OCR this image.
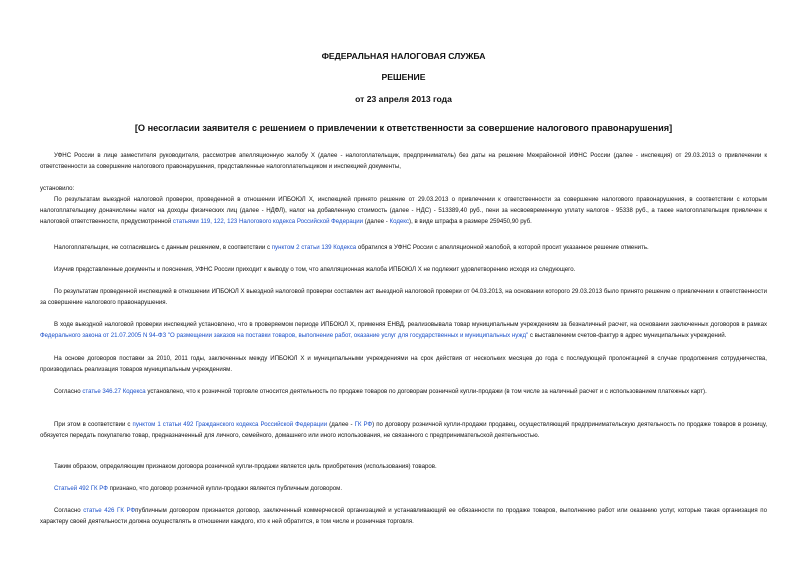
ФЕДЕРАЛЬНАЯ НАЛОГОВАЯ СЛУЖБА
РЕШЕНИЕ
от 23 апреля 2013 года
[О несогласии заявителя с решением о привлечении к ответственности за совершение налогового правонарушения]
УФНС России в лице заместителя руководителя, рассмотрев апелляционную жалобу Х (далее - налогоплательщик, предприниматель) без даты на решение Межрайонной ИФНС России (далее - инспекция) от 29.03.2013 о привлечении к ответственности за совершение налогового правонарушения, представленные налогоплательщиком и инспекцией документы,
установило:
По результатам выездной налоговой проверки, проведенной в отношении ИПБОЮЛ Х, инспекцией принято решение от 29.03.2013 о привлечении к ответственности за совершение налогового правонарушения, в соответствии с которым налогоплательщику доначислены налог на доходы физических лиц (далее - НДФЛ), налог на добавленную стоимость (далее - НДС) - 513389,40 руб., пени за несвоевременную уплату налогов - 95338 руб., а также налогоплательщик привлечен к налоговой ответственности, предусмотренной статьями 119, 122, 123 Налогового кодекса Российской Федерации (далее - Кодекс), в виде штрафа в размере 259450,90 руб.
Налогоплательщик, не согласившись с данным решением, в соответствии с пунктом 2 статьи 139 Кодекса обратился в УФНС России с апелляционной жалобой, в которой просит указанное решение отменить.
Изучив представленные документы и пояснения, УФНС России приходит к выводу о том, что апелляционная жалоба ИПБОЮЛ Х не подлежит удовлетворению исходя из следующего.
По результатам проведенной инспекцией в отношении ИПБОЮЛ Х выездной налоговой проверки составлен акт выездной налоговой проверки от 04.03.2013, на основании которого 29.03.2013 было принято решение о привлечении к ответственности за совершение налогового правонарушения.
В ходе выездной налоговой проверки инспекцией установлено, что в проверяемом периоде ИПБОЮЛ Х, применяя ЕНВД, реализовывала товар муниципальным учреждениям за безналичный расчет, на основании заключенных договоров в рамках Федерального закона от 21.07.2005 N 94-ФЗ "О размещении заказов на поставки товаров, выполнение работ, оказание услуг для государственных и муниципальных нужд" с выставлением счетов-фактур в адрес муниципальных учреждений.
На основе договоров поставки за 2010, 2011 годы, заключенных между ИПБОЮЛ Х и муниципальными учреждениями на срок действия от нескольких месяцев до года с последующей пролонгацией в случае продолжения сотрудничества, производилась реализация товаров муниципальным учреждениям.
Согласно статье 346.27 Кодекса установлено, что к розничной торговле относится деятельность по продаже товаров по договорам розничной купли-продажи (в том числе за наличный расчет и с использованием платежных карт).
При этом в соответствии с пунктом 1 статьи 492 Гражданского кодекса Российской Федерации (далее - ГК РФ) по договору розничной купли-продажи продавец, осуществляющий предпринимательскую деятельность по продаже товаров в розницу, обязуется передать покупателю товар, предназначенный для личного, семейного, домашнего или иного использования, не связанного с предпринимательской деятельностью.
Таким образом, определяющим признаком договора розничной купли-продажи является цель приобретения (использования) товаров.
Статьей 492 ГК РФ признано, что договор розничной купли-продажи является публичным договором.
Согласно статье 426 ГК РФпубличным договором признается договор, заключенный коммерческой организацией и устанавливающий ее обязанности по продаже товаров, выполнению работ или оказанию услуг, которые такая организация по характеру своей деятельности должна осуществлять в отношении каждого, кто к ней обратится, в том числе и розничная торговля.
